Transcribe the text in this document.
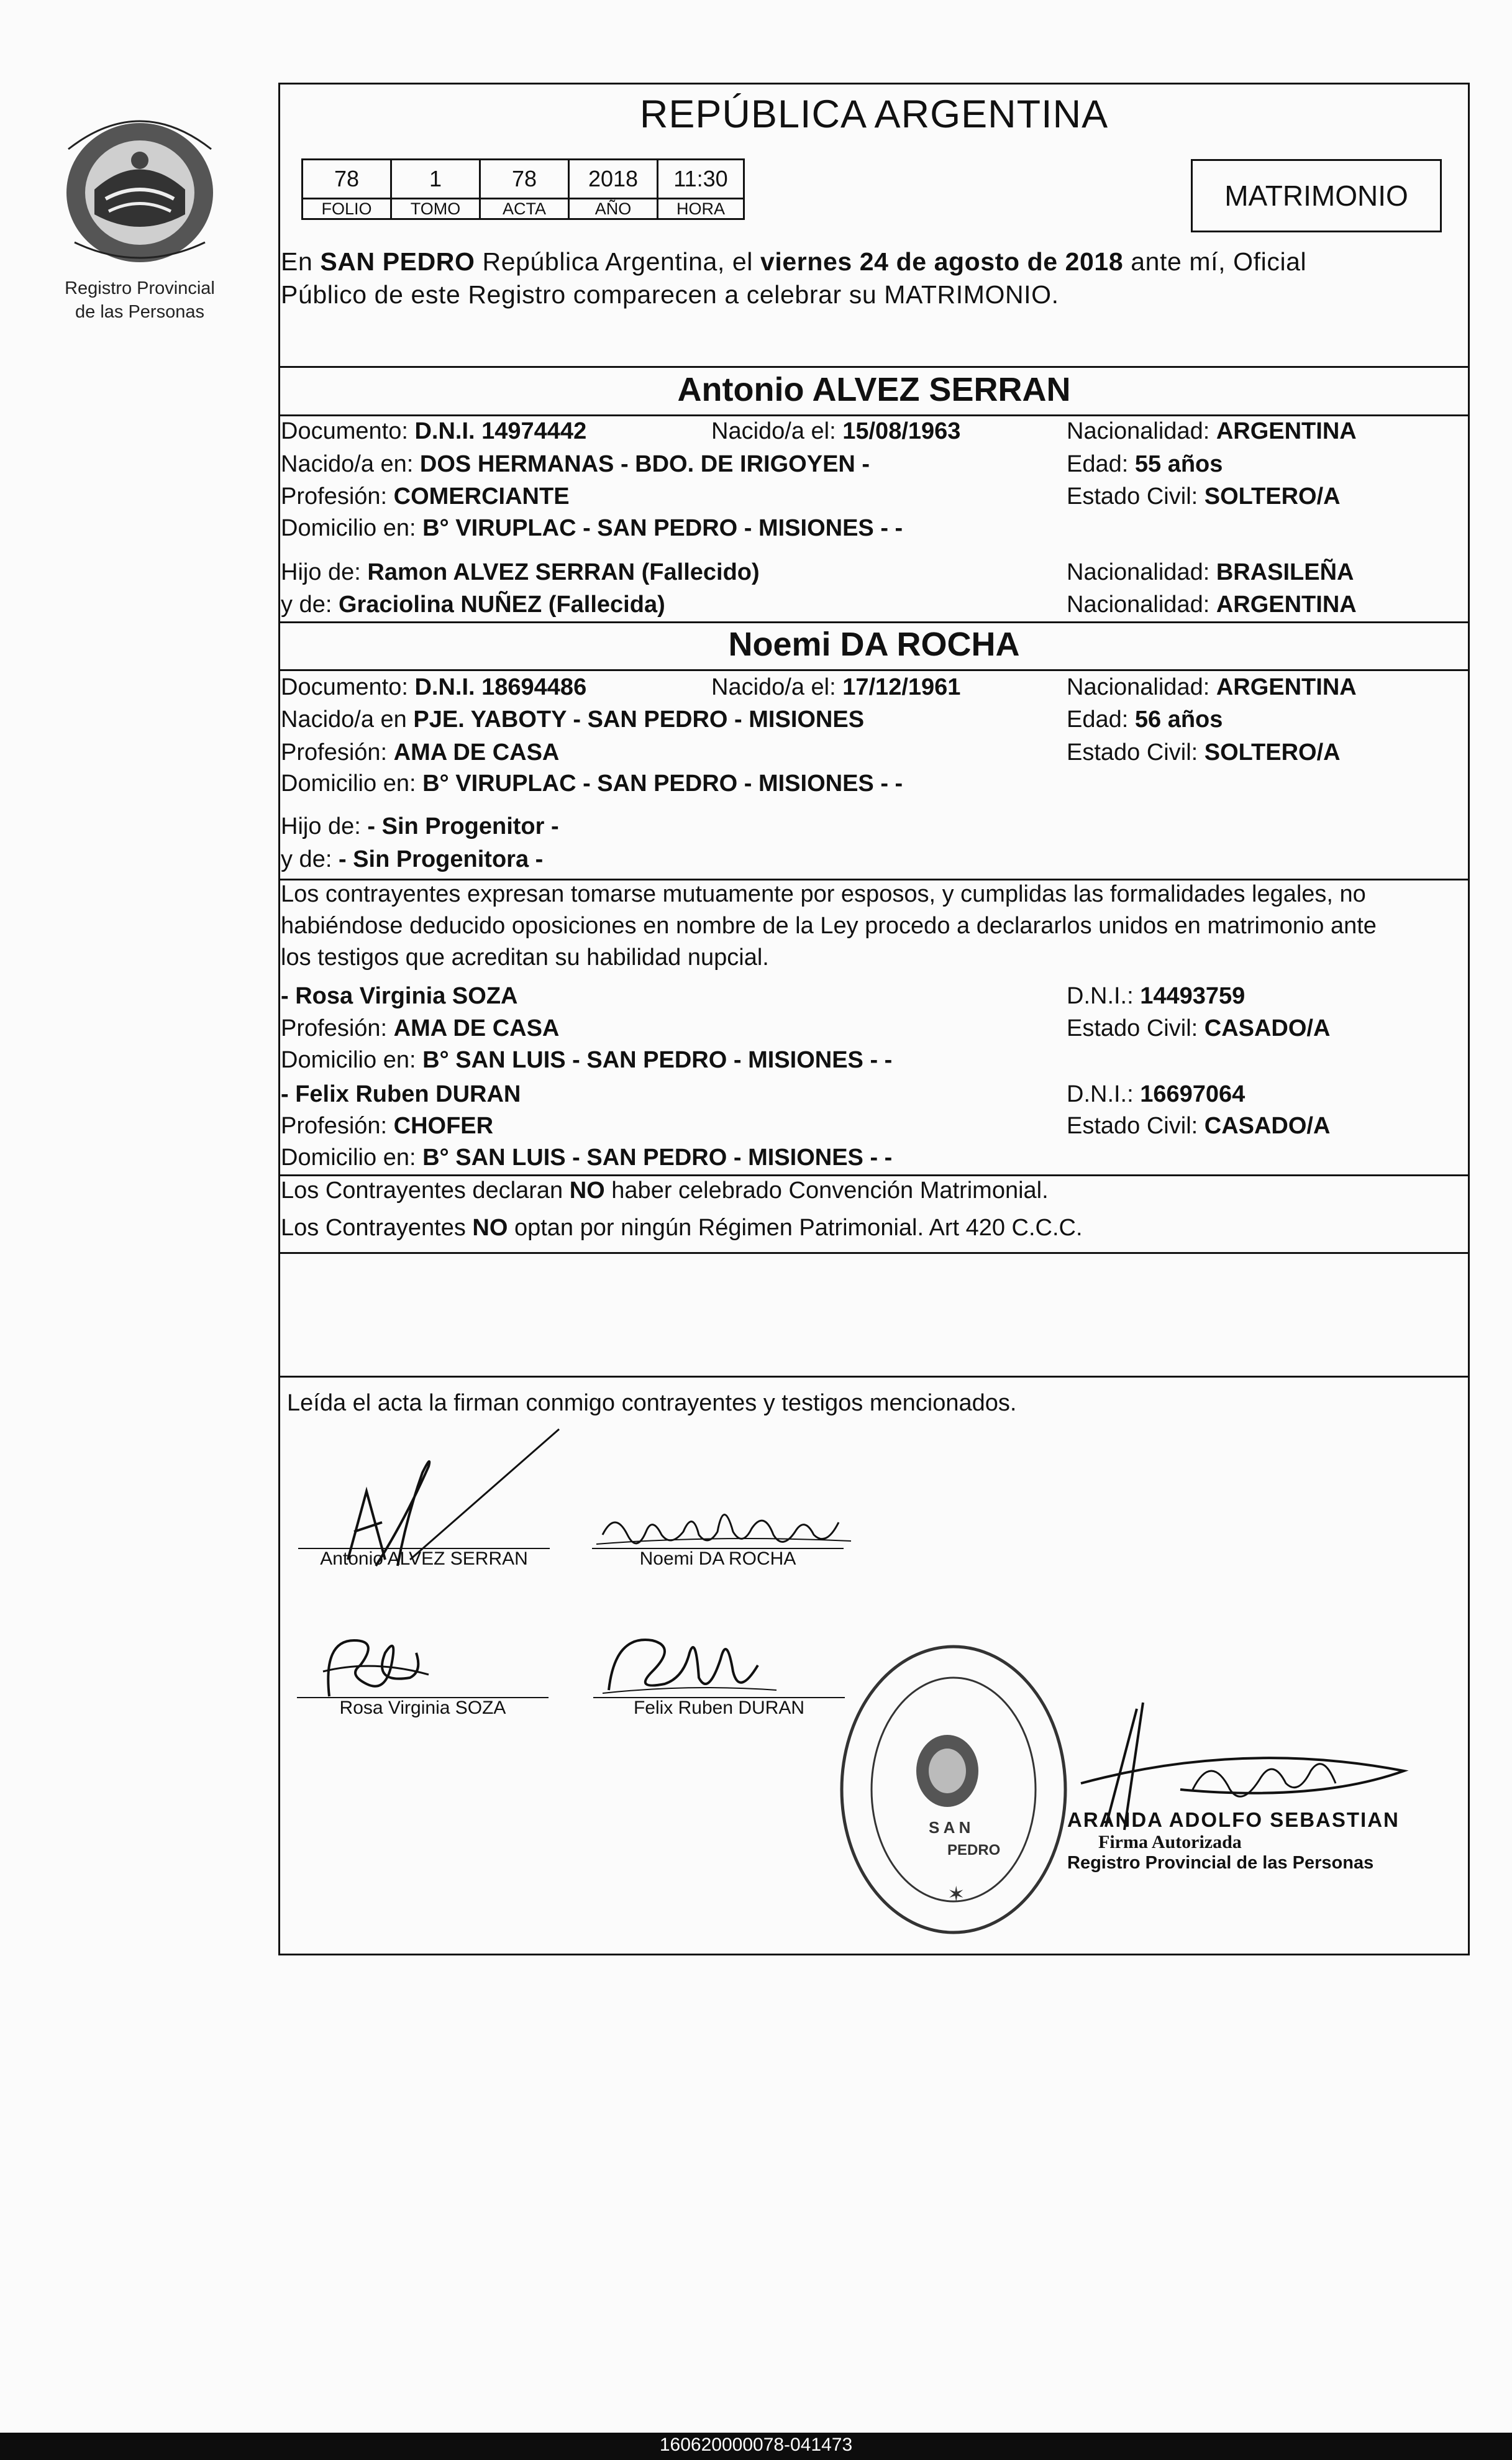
Registro Provincial
de las Personas
REPÚBLICA ARGENTINA
78	1	78	2018	11:30
FOLIO	TOMO	ACTA	AÑO	HORA	MATRIMONIO
En SAN PEDRO República Argentina, el viernes 24 de agosto de 2018 ante mí, Oficial
Público de este Registro comparecen a celebrar su MATRIMONIO.
Antonio ALVEZ SERRAN
Documento: D.N.I. 14974442	Nacido/a el: 15/08/1963	Nacionalidad: ARGENTINA
Nacido/a en: DOS HERMANAS - BDO. DE IRIGOYEN -	Edad: 55 años
Profesión: COMERCIANTE	Estado Civil: SOLTERO/A
Domicilio en: B° VIRUPLAC - SAN PEDRO - MISIONES - -
Hijo de: Ramon ALVEZ SERRAN (Fallecido)	Nacionalidad: BRASILEÑA
y de: Graciolina NUÑEZ (Fallecida)	Nacionalidad: ARGENTINA
Noemi DA ROCHA
Documento: D.N.I. 18694486	Nacido/a el: 17/12/1961	Nacionalidad: ARGENTINA
Nacido/a en PJE. YABOTY - SAN PEDRO - MISIONES	Edad: 56 años
Profesión: AMA DE CASA	Estado Civil: SOLTERO/A
Domicilio en: B° VIRUPLAC - SAN PEDRO - MISIONES - -
Hijo de: - Sin Progenitor -
y de: - Sin Progenitora -
Los contrayentes expresan tomarse mutuamente por esposos, y cumplidas las formalidades legales, no
habiéndose deducido oposiciones en nombre de la Ley procedo a declararlos unidos en matrimonio ante
los testigos que acreditan su habilidad nupcial.
- Rosa Virginia SOZA	D.N.I.: 14493759
Profesión: AMA DE CASA	Estado Civil: CASADO/A
Domicilio en: B° SAN LUIS - SAN PEDRO - MISIONES - -
- Felix Ruben DURAN	D.N.I.: 16697064
Profesión: CHOFER	Estado Civil: CASADO/A
Domicilio en: B° SAN LUIS - SAN PEDRO - MISIONES - -
Los Contrayentes declaran NO haber celebrado Convención Matrimonial.
Los Contrayentes NO optan por ningún Régimen Patrimonial. Art 420 C.C.C.
Leída el acta la firman conmigo contrayentes y testigos mencionados.
Antonio ALVEZ SERRAN	Noemi DA ROCHA
Rosa Virginia SOZA	Felix Ruben DURAN
S A N
PEDRO
✶
ARANDA ADOLFO SEBASTIAN
Firma Autorizada
Registro Provincial de las Personas
160620000078-041473
